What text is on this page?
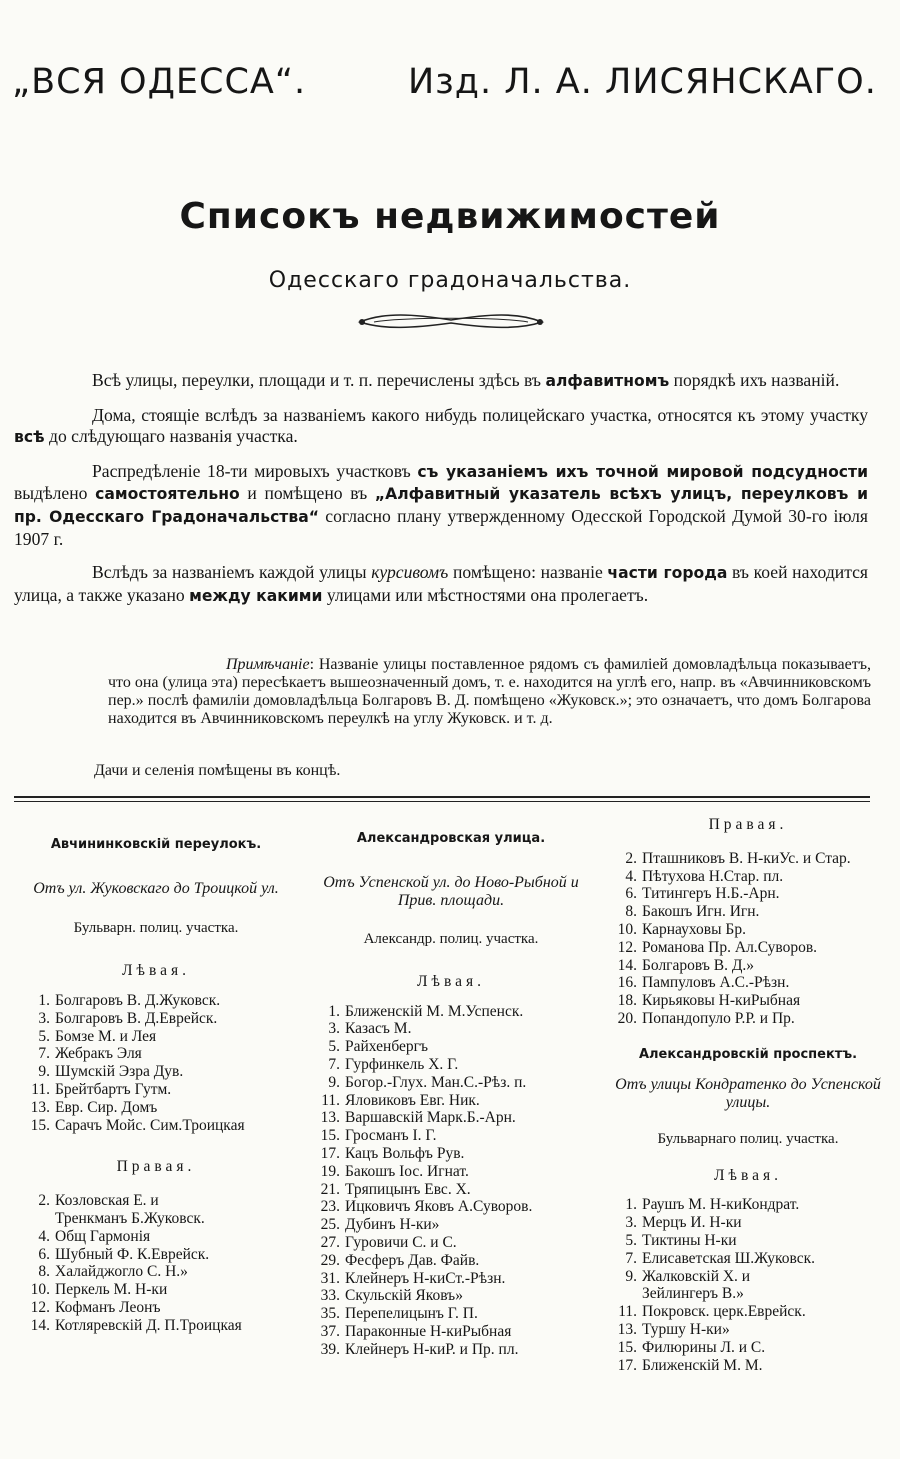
„ВСЯ ОДЕССА“.	Изд. Л. А. ЛИСЯНСКАГО.
Списокъ недвижимостей
Одесскаго градоначальства.

Всѣ улицы, переулки, площади и т. п. перечислены здѣсь въ алфавитномъ порядкѣ ихъ названій.

Дома, стоящіе вслѣдъ за названіемъ какого нибудь полицейскаго участка, относятся къ этому участку всѣ до слѣдующаго названія участка.

Распредѣленіе 18-ти мировыхъ участковъ съ указаніемъ ихъ точной мировой подсудности выдѣлено самостоятельно и помѣщено въ „Алфавитный указатель всѣхъ улицъ, переулковъ и пр. Одесскаго Градоначальства“ согласно плану утвержденному Одесской Городской Думой 30-го іюля 1907 г.

Вслѣдъ за названіемъ каждой улицы курсивомъ помѣщено: названіе части города въ коей находится улица, а также указано между какими улицами или мѣстностями она пролегаетъ.

Примѣчаніе: Названіе улицы поставленное рядомъ съ фамиліей домовладѣльца показываетъ, что она (улица эта) пересѣкаетъ вышеозначенный домъ, т. е. находится на углѣ его, напр. въ «Авчинниковскомъ пер.» послѣ фамиліи домовладѣльца Болгаровъ В. Д. помѣщено «Жуковск.»; это означаетъ, что домъ Болгарова находится въ Авчинниковскомъ переулкѣ на углу Жуковск. и т. д.
Дачи и селенія помѣщены въ концѣ.
Авчининковскій переулокъ.
Отъ ул. Жуковскаго до Троицкой ул.
Бульварн. полиц. участка.
Лѣвая.
1. Болгаровъ В. Д. Жуковск.
3. Болгаровъ В. Д. Еврейск.
5. Бомзе М. и Лея
7. Жебракъ Эля
9. Шумскій Эзра Дув.
11. Брейтбартъ Гутм.
13. Евр. Сир. Домъ
15. Сарачъ Мойс. Сим. Троицкая
Правая.
2. Козловская Е. и
Тренкманъ Б. Жуковск.
4. Общ Гармонія
6. Шубный Ф. К. Еврейск.
8. Халайджогло С. Н. »
10. Перкель М. Н-ки
12. Кофманъ Леонъ
14. Котляревскій Д. П. Троицкая
Александровская улица.
Отъ Успенской ул. до Ново-Рыбной и Прив. площади.
Александр. полиц. участка.
Лѣвая.
1. Ближенскій М. М. Успенск.
3. Казасъ М.
5. Райхенбергъ
7. Гурфинкель Х. Г.
9. Богор.-Глух. Ман. С.-Рѣз. п.
11. Яловиковъ Евг. Ник.
13. Варшавскій Марк. Б.-Арн.
15. Гросманъ І. Г.
17. Кацъ Вольфъ Рув.
19. Бакошъ Іос. Игнат.
21. Тряпицынъ Евс. Х.
23. Ицковичъ Яковъ А. Суворов.
25. Дубинъ Н-ки »
27. Гуровичи С. и С.
29. Фесферъ Дав. Файв.
31. Клейнеръ Н-ки Ст.-Рѣзн.
33. Скульскій Яковъ »
35. Перепелицынъ Г. П.
37. Параконные Н-ки Рыбная
39. Клейнеръ Н-ки Р. и Пр. пл.
Правая.
2. Пташниковъ В. Н-ки Ус. и Стар.
4. Пѣтухова Н. Стар. пл.
6. Титингеръ Н. Б.-Арн.
8. Бакошъ Игн. Игн.
10. Карнауховы Бр.
12. Романова Пр. Ал. Суворов.
14. Болгаровъ В. Д. »
16. Пампуловъ А. С.-Рѣзн.
18. Кирьяковы Н-ки Рыбная
20. Попандопуло Р. Р. и Пр.
Александровскій проспектъ.
Отъ улицы Кондратенко до Успенской улицы.
Бульварнаго полиц. участка.
Лѣвая.
1. Раушъ М. Н-ки Кондрат.
3. Мерцъ И. Н-ки
5. Тиктины Н-ки
7. Елисаветская Ш. Жуковск.
9. Жалковскій Х. и
Зейлингеръ В. »
11. Покровск. церк. Еврейск.
13. Туршу Н-ки »
15. Филюрины Л. и С.
17. Ближенскій М. М.
